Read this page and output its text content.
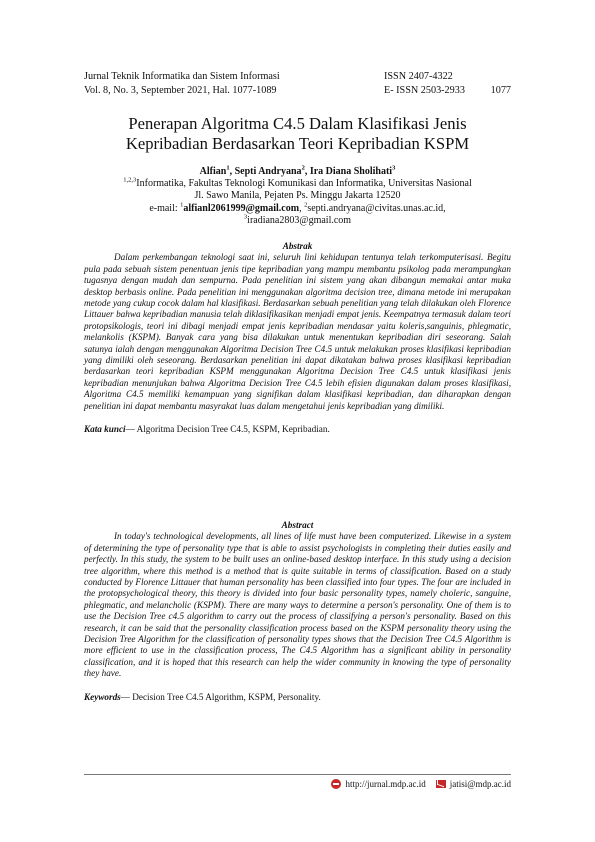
Jurnal Teknik Informatika dan Sistem Informasi	ISSN 2407-4322
Vol. 8, No. 3, September 2021, Hal. 1077-1089	E- ISSN 2503-2933	1077
Penerapan Algoritma C4.5 Dalam Klasifikasi Jenis
Kepribadian Berdasarkan Teori Kepribadian KSPM
Alfian$^1$, Septi Andryana$^2$, Ira Diana Sholihati$^3$
$^{1,2,3}$Informatika, Fakultas Teknologi Komunikasi dan Informatika, Universitas Nasional
Jl. Sawo Manila, Pejaten Ps. Minggu Jakarta 12520
e-mail: $^1$alfianl2061999@gmail.com, $^2$septi.andryana@civitas.unas.ac.id,
$^3$iradiana2803@gmail.com
Abstrak
Dalam perkembangan teknologi saat ini, seluruh lini kehidupan tentunya telah terkomputerisasi. Begitu pula pada sebuah sistem penentuan jenis tipe kepribadian yang mampu membantu psikolog pada merampungkan tugasnya dengan mudah dan sempurna. Pada penelitian ini sistem yang akan dibangun memakai antar muka desktop berbasis online. Pada penelitian ini menggunakan algoritma decision tree, dimana metode ini merupakan metode yang cukup cocok dalam hal klasifikasi. Berdasarkan sebuah penelitian yang telah dilakukan oleh Florence Littauer bahwa kepribadian manusia telah diklasifikasikan menjadi empat jenis. Keempatnya termasuk dalam teori protopsikologis, teori ini dibagi menjadi empat jenis kepribadian mendasar yaitu koleris,sanguinis, phlegmatic, melankolis (KSPM). Banyak cara yang bisa dilakukan untuk menentukan kepribadian diri seseorang. Salah satunya ialah dengan menggunakan Algoritma Decision Tree C4.5 untuk melakukan proses klasifikasi kepribadian yang dimiliki oleh seseorang. Berdasarkan penelitian ini dapat dikatakan bahwa proses klasifikasi kepribadian berdasarkan teori kepribadian KSPM menggunakan Algoritma Decision Tree C4.5 untuk klasifikasi jenis kepribadian menunjukan bahwa Algoritma Decision Tree C4.5 lebih efisien digunakan dalam proses klasifikasi, Algoritma C4.5 memiliki kemampuan yang signifikan dalam klasifikasi kepribadian, dan diharapkan dengan penelitian ini dapat membantu masyrakat luas dalam mengetahui jenis kepribadian yang dimiliki.
Kata kunci— Algoritma Decision Tree C4.5, KSPM, Kepribadian.
Abstract
In today's technological developments, all lines of life must have been computerized. Likewise in a system of determining the type of personality type that is able to assist psychologists in completing their duties easily and perfectly. In this study, the system to be built uses an online-based desktop interface. In this study using a decision tree algorithm, where this method is a method that is quite suitable in terms of classification. Based on a study conducted by Florence Littauer that human personality has been classified into four types. The four are included in the protopsychological theory, this theory is divided into four basic personality types, namely choleric, sanguine, phlegmatic, and melancholic (KSPM). There are many ways to determine a person's personality. One of them is to use the Decision Tree c4.5 algorithm to carry out the process of classifying a person's personality. Based on this research, it can be said that the personality classification process based on the KSPM personality theory using the Decision Tree Algorithm for the classification of personality types shows that the Decision Tree C4.5 Algorithm is more efficient to use in the classification process, The C4.5 Algorithm has a significant ability in personality classification, and it is hoped that this research can help the wider community in knowing the type of personality they have.
Keywords— Decision Tree C4.5 Algorithm, KSPM, Personality.
http://jurnal.mdp.ac.id	jatisi@mdp.ac.id
